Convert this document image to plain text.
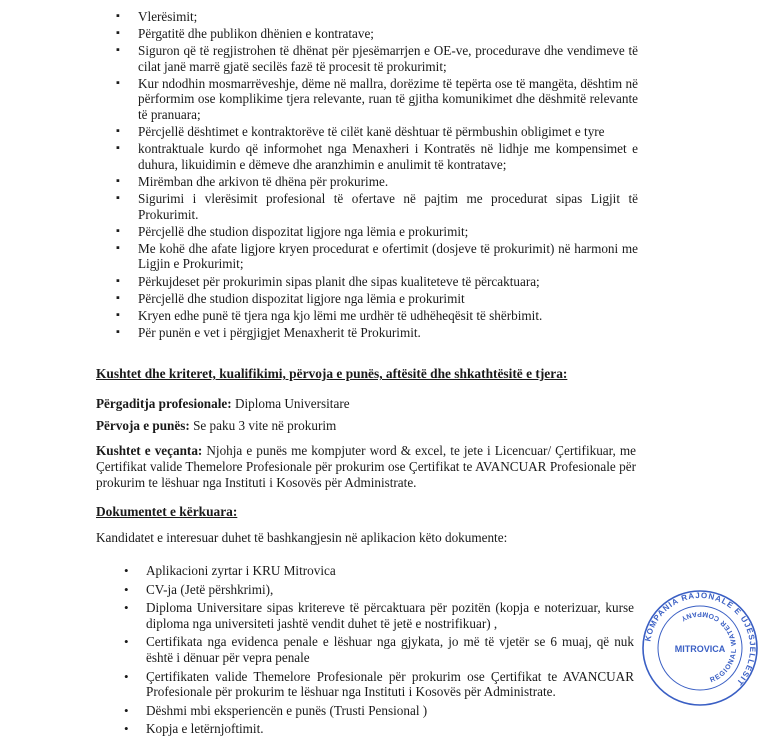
▪ Vlerësimit;
▪ Përgatitë dhe publikon dhënien e kontratave;
▪ Siguron që të regjistrohen të dhënat për pjesëmarrjen e OE-ve, procedurave dhe vendimeve të cilat janë marrë gjatë secilës fazë të procesit të prokurimit;
▪ Kur ndodhin mosmarrëveshje, dëme në mallra, dorëzime të tepërta ose të mangëta, dështim në përformim ose komplikime tjera relevante, ruan të gjitha komunikimet dhe dëshmitë relevante të pranuara;
▪ Përcjellë dështimet e kontraktorëve të cilët kanë dështuar të përmbushin obligimet e tyre
▪ kontraktuale kurdo që informohet nga Menaxheri i Kontratës në lidhje me kompensimet e duhura, likuidimin e dëmeve dhe aranzhimin e anulimit të kontratave;
▪ Mirëmban dhe arkivon të dhëna për prokurime.
▪ Sigurimi i vlerësimit profesional të ofertave në pajtim me procedurat sipas Ligjit të Prokurimit.
▪ Përcjellë dhe studion dispozitat ligjore nga lëmia e prokurimit;
▪ Me kohë dhe afate ligjore kryen procedurat e ofertimit (dosjeve të prokurimit) në harmoni me Ligjin e Prokurimit;
▪ Përkujdeset për prokurimin sipas planit dhe sipas kualiteteve të përcaktuara;
▪ Përcjellë dhe studion dispozitat ligjore nga lëmia e prokurimit
▪ Kryen edhe punë të tjera nga kjo lëmi me urdhër të udhëheqësit të shërbimit.
▪ Për punën e vet i përgjigjet Menaxherit të Prokurimit.
Kushtet dhe kriteret, kualifikimi, përvoja e punës, aftësitë dhe shkathtësitë e tjera:
Përgaditja profesionale: Diploma Universitare
Përvoja e punës: Se paku 3 vite në prokurim
Kushtet e veçanta: Njohja e punës me kompjuter word & excel, te jete i Licencuar/ Çertifikuar, me Çertifikat valide Themelore Profesionale për prokurim ose Çertifikat te AVANCUAR Profesionale për prokurim te lëshuar nga Instituti i Kosovës për Administrate.
Dokumentet e kërkuara:
Kandidatet e interesuar duhet të bashkangjesin në aplikacion këto dokumente:
• Aplikacioni zyrtar i KRU Mitrovica
• CV-ja (Jetë përshkrimi),
• Diploma Universitare sipas kritereve të përcaktuara për pozitën (kopja e noterizuar, kurse diploma nga universiteti jashtë vendit duhet të jetë e nostrifikuar) ,
• Certifikata nga evidenca penale e lëshuar nga gjykata, jo më të vjetër se 6 muaj, që nuk është i dënuar për vepra penale
• Çertifikaten valide Themelore Profesionale për prokurim ose Çertifikat te AVANCUAR Profesionale për prokurim te lëshuar nga Instituti i Kosovës për Administrate.
• Dëshmi mbi eksperiencën e punës (Trusti Pensional )
• Kopja e letërnjoftimit.
KOMPANIA RAJONALE E UJËSJELLËSIT
REGIONAL WATER COMPANY
MITROVICA
